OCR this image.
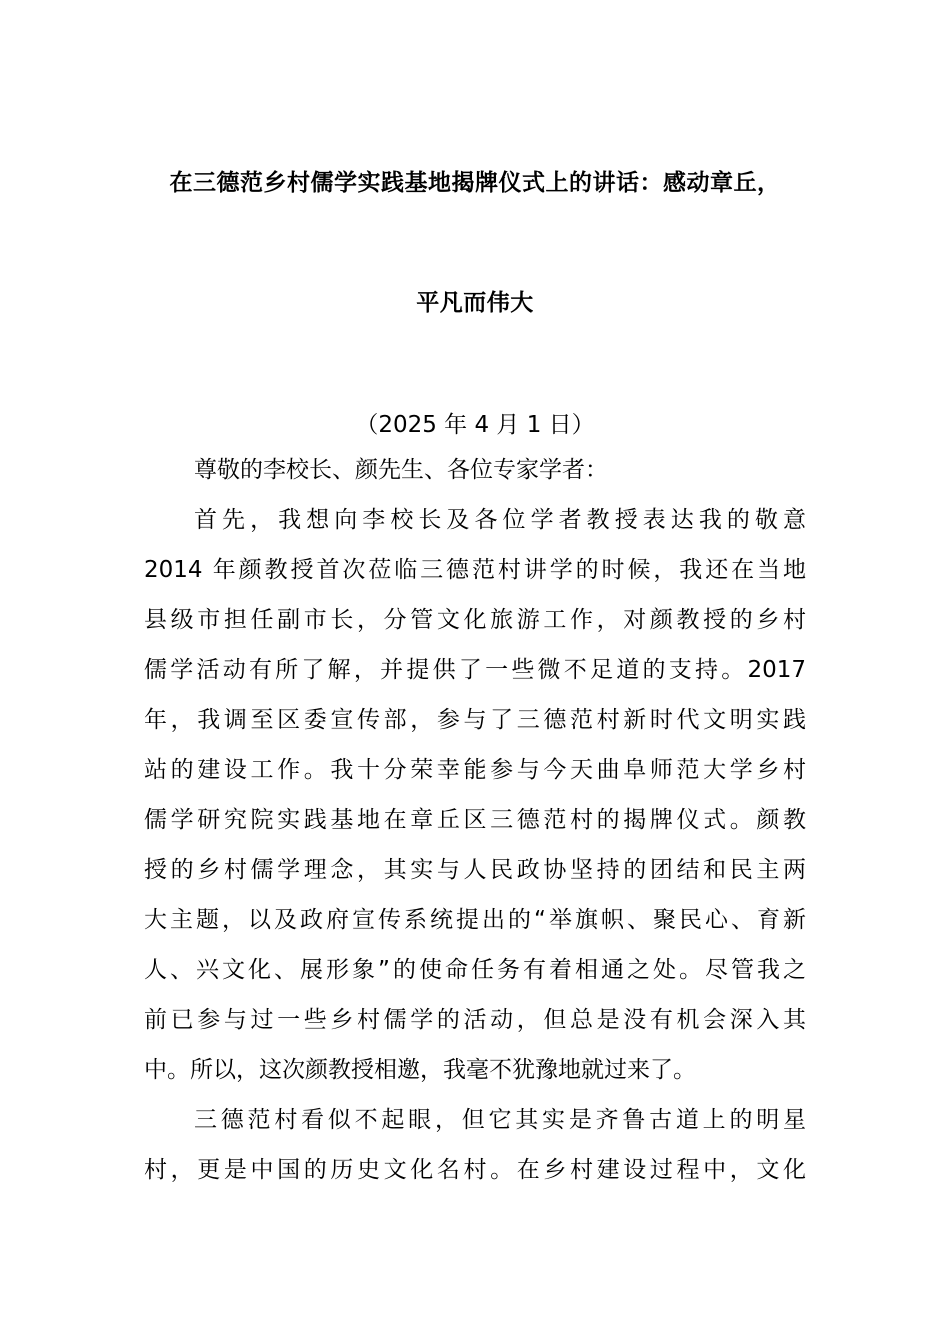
在三德范乡村儒学实践基地揭牌仪式上的讲话：感动章丘，
平凡而伟大
（2025 年 4 月 1 日）
尊敬的李校长、颜先生、各位专家学者：
首先，我想向李校长及各位学者教授表达我的敬意
2014 年颜教授首次莅临三德范村讲学的时候，我还在当地
县级市担任副市长，分管文化旅游工作，对颜教授的乡村
儒学活动有所了解，并提供了一些微不足道的支持。2017
年，我调至区委宣传部，参与了三德范村新时代文明实践
站的建设工作。我十分荣幸能参与今天曲阜师范大学乡村
儒学研究院实践基地在章丘区三德范村的揭牌仪式。颜教
授的乡村儒学理念，其实与人民政协坚持的团结和民主两
大主题，以及政府宣传系统提出的“举旗帜、聚民心、育新
人、兴文化、展形象”的使命任务有着相通之处。尽管我之
前已参与过一些乡村儒学的活动，但总是没有机会深入其
中。所以，这次颜教授相邀，我毫不犹豫地就过来了。
三德范村看似不起眼，但它其实是齐鲁古道上的明星
村，更是中国的历史文化名村。在乡村建设过程中，文化
